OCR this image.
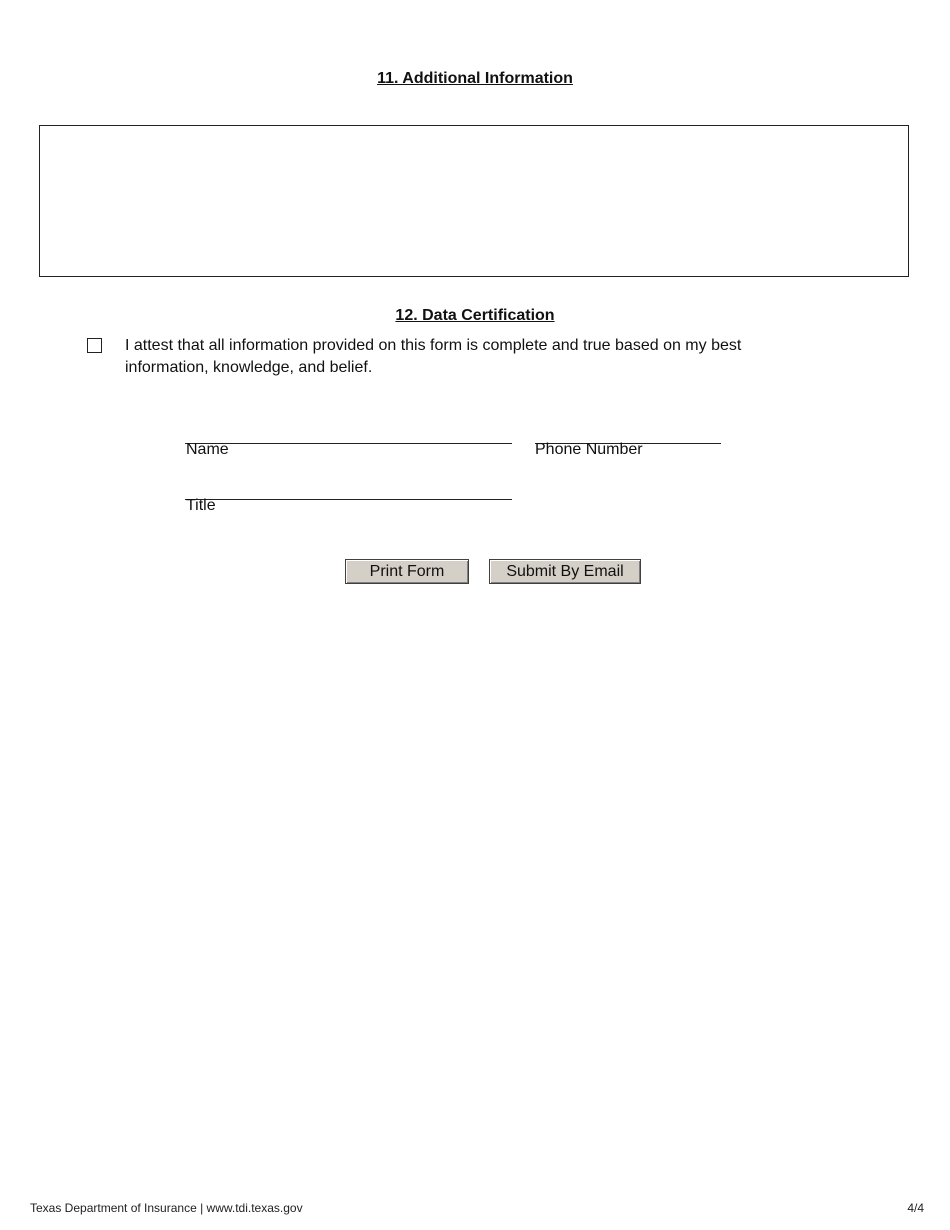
11. Additional Information
12. Data Certification
I attest that all information provided on this form is complete and true based on my best information, knowledge, and belief.
Name	Phone Number
Title
Print Form	Submit By Email
Texas Department of Insurance | www.tdi.texas.gov	4/4
